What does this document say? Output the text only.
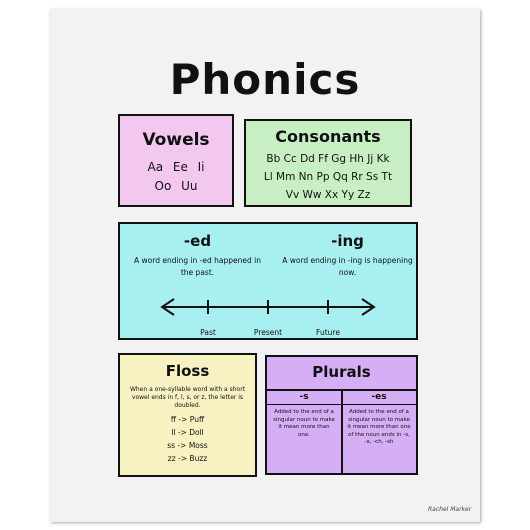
Phonics
Vowels
Aa Ee Ii
Oo Uu
Consonants
Bb Cc Dd Ff Gg Hh Jj Kk
Ll Mm Nn Pp Qq Rr Ss Tt
Vv Ww Xx Yy Zz
-ed
A word ending in -ed happened in the past.
-ing
A word ending in -ing is happening now.
Past	Present	Future
Floss
When a one-syllable word with a short vowel ends in f, l, s, or z, the letter is doubled.
ff -> Puff
ll -> Doll
ss -> Moss
zz -> Buzz
Plurals
-s
Added to the end of a singular noun to make it mean more than one.
-es
Added to the end of a singular noun to make it mean more than one of the noun ends in -s, -x, -ch, -sh
Rachel Marker
